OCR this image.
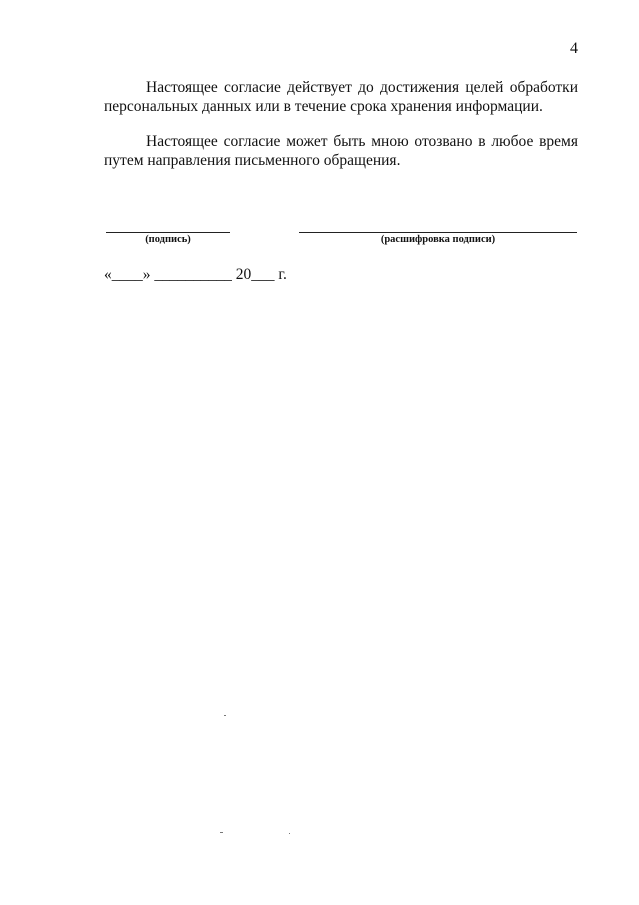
4

Настоящее согласие действует до достижения целей обработки персональных данных или в течение срока хранения информации.

Настоящее согласие может быть мною отозвано в любое время путем направления письменного обращения.

(подпись)	(расшифровка подписи)
«____» __________ 20___ г.
